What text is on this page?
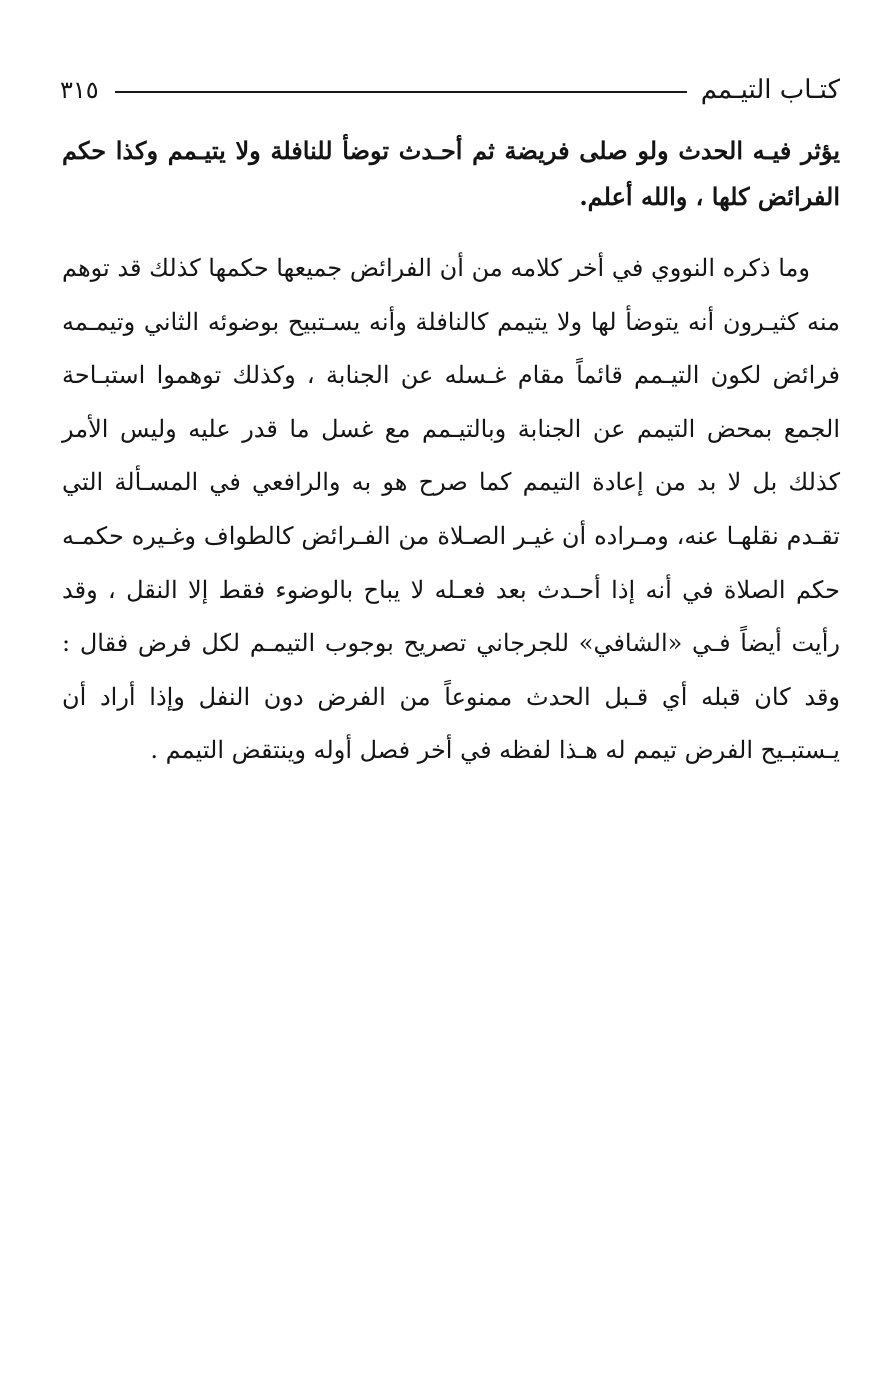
كتـاب التيـمم
٣١٥

يؤثر فيـه الحدث ولو صلى فريضة ثم أحـدث توضأ للنافلة ولا يتيـمم وكذا حكم الفرائض كلها ، والله أعلم.

وما ذكره النووي في أخر كلامه من أن الفرائض جميعها حكمها كذلك قد توهم منه كثيـرون أنه يتوضأ لها ولا يتيمم كالنافلة وأنه يسـتبيح بوضوئه الثاني وتيمـمه فرائض لكون التيـمم قائماً مقام غـسله عن الجنابة ، وكذلك توهموا استبـاحة الجمع بمحض التيمم عن الجنابة وبالتيـمم مع غسل ما قدر عليه وليس الأمر كذلك بل لا بد من إعادة التيمم كما صرح هو به والرافعي في المسـألة التي تقـدم نقلهـا عنه، ومـراده أن غيـر الصـلاة من الفـرائض كالطواف وغـيره حكمـه حكم الصلاة في أنه إذا أحـدث بعد فعـله لا يباح بالوضوء فقط إلا النقل ، وقد رأيت أيضاً فـي «الشافي» للجرجاني تصريح بوجوب التيمـم لكل فرض فقال : وقد كان قبله أي قـبل الحدث ممنوعاً من الفرض دون النفل وإذا أراد أن يـستبـيح الفرض تيمم له هـذا لفظه في أخر فصل أوله وينتقض التيمم .
